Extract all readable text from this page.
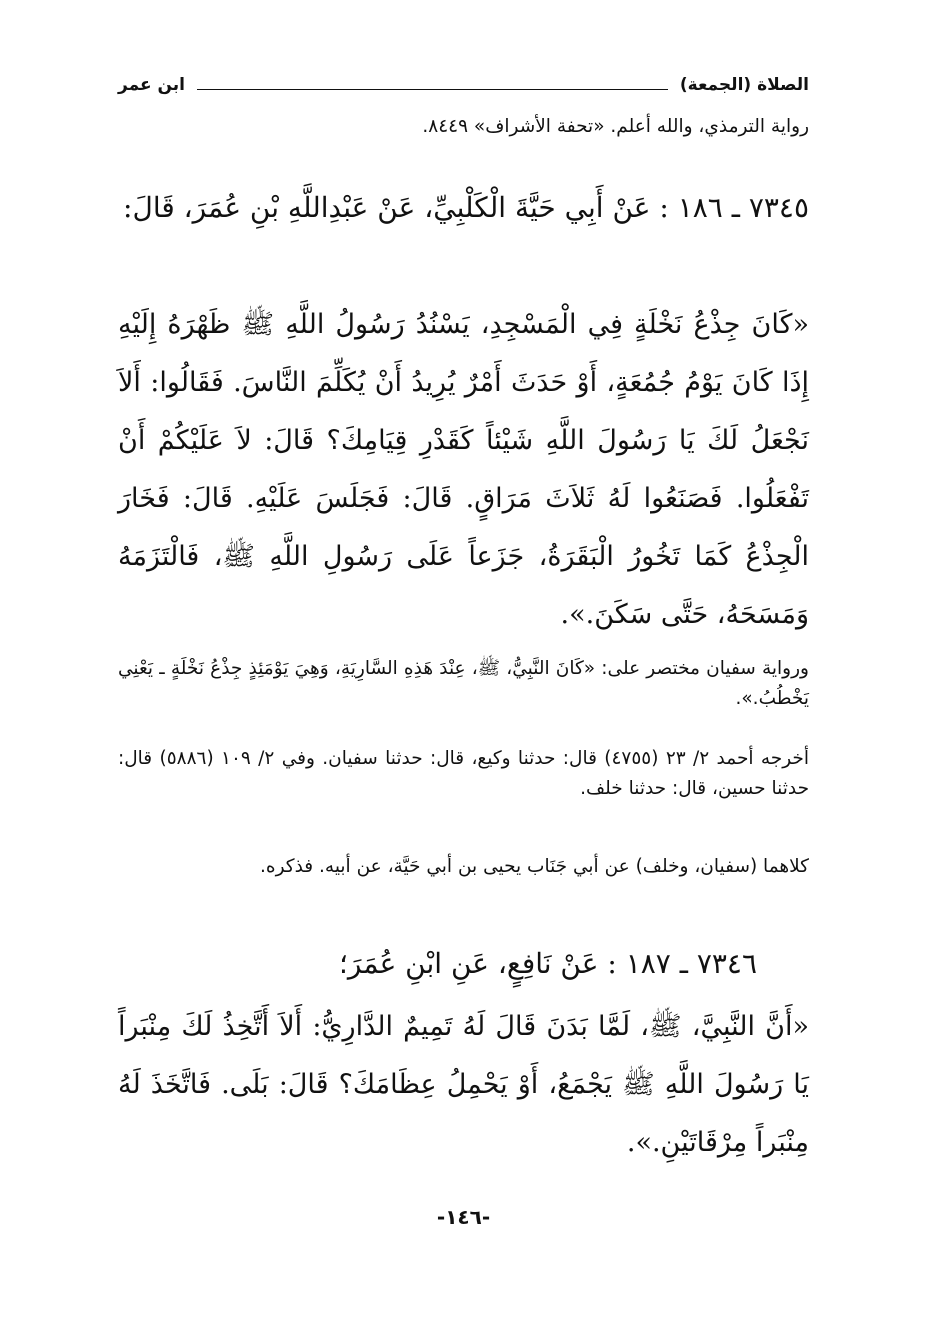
الصلاة (الجمعة)
ابن عمر
رواية الترمذي، والله أعلم. «تحفة الأشراف» ٨٤٤٩.
٧٣٤٥ ـ ١٨٦ : عَنْ أَبِي حَيَّةَ الْكَلْبِيِّ، عَنْ عَبْدِاللَّهِ بْنِ عُمَرَ، قَالَ:
«كَانَ جِذْعُ نَخْلَةٍ فِي الْمَسْجِدِ، يَسْنُدُ رَسُولُ اللَّهِ ﷺ ظَهْرَهُ إِلَيْهِ إِذَا كَانَ يَوْمُ جُمُعَةٍ، أَوْ حَدَثَ أَمْرٌ يُرِيدُ أَنْ يُكَلِّمَ النَّاسَ. فَقَالُوا: أَلاَ نَجْعَلُ لَكَ يَا رَسُولَ اللَّهِ شَيْئاً كَقَدْرِ قِيَامِكَ؟ قَالَ: لاَ عَلَيْكُمْ أَنْ تَفْعَلُوا. فَصَنَعُوا لَهُ ثَلاَثَ مَرَاقٍ. قَالَ: فَجَلَسَ عَلَيْهِ. قَالَ: فَخَارَ الْجِذْعُ كَمَا تَخُورُ الْبَقَرَةُ، جَزَعاً عَلَى رَسُولِ اللَّهِ ﷺ، فَالْتَزَمَهُ وَمَسَحَهُ، حَتَّى سَكَنَ.».
ورواية سفيان مختصر على: «كَانَ النَّبِيُّ، ﷺ، عِنْدَ هَذِهِ السَّارِيَةِ، وَهِيَ يَوْمَئِذٍ جِذْعُ نَخْلَةٍ ـ يَعْنِي يَخْطُبُ.».
أخرجه أحمد ٢/ ٢٣ (٤٧٥٥) قال: حدثنا وكيع، قال: حدثنا سفيان. وفي ٢/ ١٠٩ (٥٨٨٦) قال: حدثنا حسين، قال: حدثنا خلف.
كلاهما (سفيان، وخلف) عن أبي جَنَاب يحيى بن أبي حَيَّة، عن أبيه. فذكره.
٧٣٤٦ ـ ١٨٧ : عَنْ نَافِعٍ، عَنِ ابْنِ عُمَرَ؛
«أَنَّ النَّبِيَّ، ﷺ، لَمَّا بَدَنَ قَالَ لَهُ تَمِيمٌ الدَّارِيُّ: أَلاَ أَتَّخِذُ لَكَ مِنْبَراً يَا رَسُولَ اللَّهِ ﷺ يَجْمَعُ، أَوْ يَحْمِلُ عِظَامَكَ؟ قَالَ: بَلَى. فَاتَّخَذَ لَهُ مِنْبَراً مِرْقَاتَيْنِ.».
-١٤٦-
